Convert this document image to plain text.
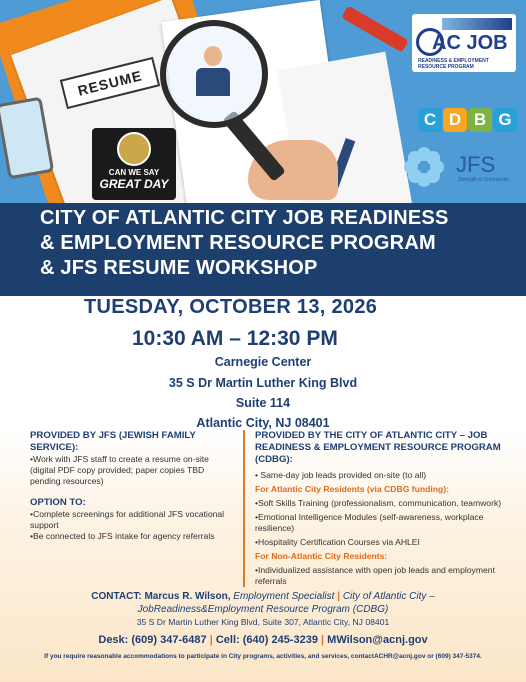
RESUME
CAN WE SAY
GREAT DAY
AC JOB
READINESS & EMPLOYMENT RESOURCE PROGRAM
C D B G
JFS
Strength in Community
CITY OF ATLANTIC CITY JOB READINESS
& EMPLOYMENT RESOURCE PROGRAM
& JFS RESUME WORKSHOP
TUESDAY, OCTOBER 13, 2026
10:30 AM – 12:30 PM
Carnegie Center
35 S Dr Martin Luther King Blvd
Suite 114
Atlantic City, NJ 08401
PROVIDED BY JFS (JEWISH FAMILY SERVICE):
•Work with JFS staff to create a resume on-site (digital PDF copy provided; paper copies TBD pending resources)
OPTION TO:
•Complete screenings for additional JFS vocational support
•Be connected to JFS intake for agency referrals
PROVIDED BY THE CITY OF ATLANTIC CITY – JOB READINESS & EMPLOYMENT RESOURCE PROGRAM (CDBG):
• Same-day job leads provided on-site (to all)
For Atlantic City Residents (via CDBG funding):
•Soft Skills Training (professionalism, communication, teamwork)
•Emotional Intelligence Modules (self-awareness, workplace resilience)
•Hospitality Certification Courses via AHLEI
For Non-Atlantic City Residents:
•Individualized assistance with open job leads and employment referrals
CONTACT: Marcus R. Wilson, Employment Specialist | City of Atlantic City –
JobReadiness&Employment Resource Program (CDBG)
35 S Dr Martin Luther King Blvd, Suite 307, Atlantic City, NJ 08401
Desk: (609) 347-6487 | Cell: (640) 245-3239 | MWilson@acnj.gov
If you require reasonable accommodations to participate in City programs, activities, and services, contactACHR@acnj.gov or (609) 347-5374.
